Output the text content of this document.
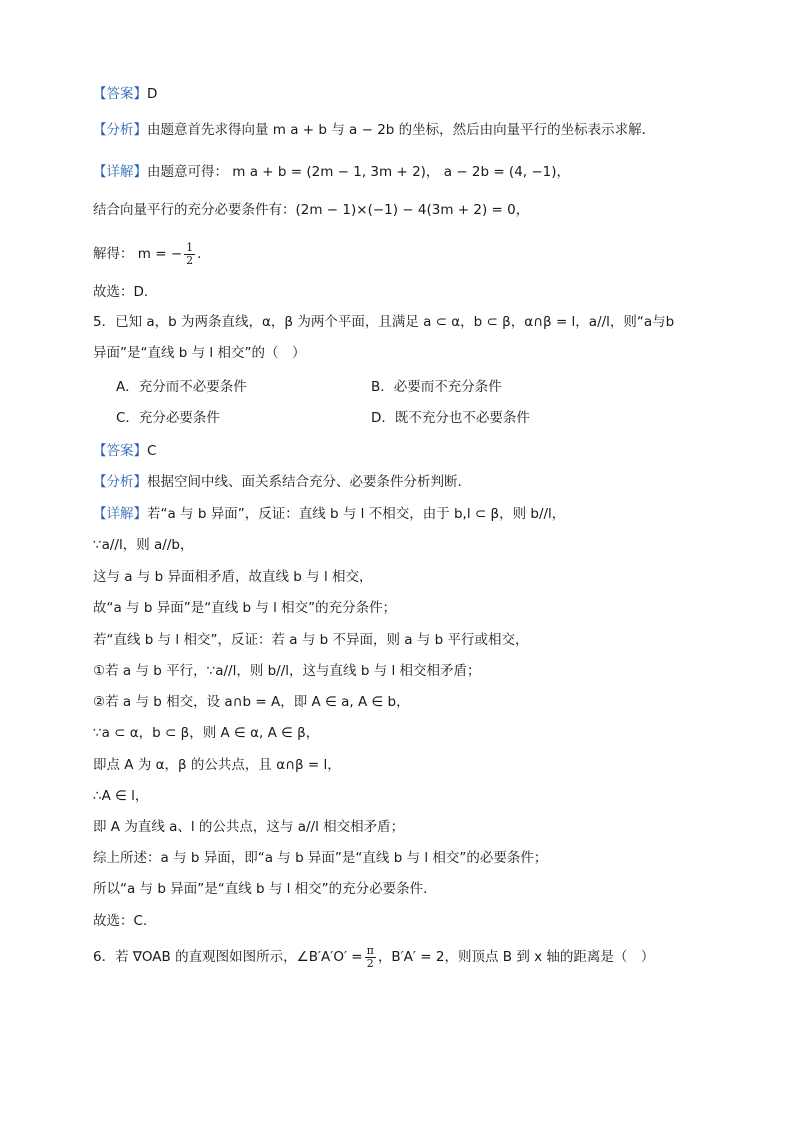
【答案】D
【分析】由题意首先求得向量 m a + b 与 a − 2b 的坐标，然后由向量平行的坐标表示求解．
【详解】由题意可得： m a + b = (2m − 1, 3m + 2)， a − 2b = (4, −1)，
结合向量平行的充分必要条件有：(2m − 1)×(−1) − 4(3m + 2) = 0，
解得： m = − $\frac{1}{2}$ .
故选：D.
5．已知 a，b 为两条直线，α，β 为两个平面，且满足 a ⊂ α，b ⊂ β，α∩β = l，a//l，则“a与b
异面”是“直线 b 与 l 相交”的（　）
A．充分而不必要条件	B．必要而不充分条件
C．充分必要条件	D．既不充分也不必要条件
【答案】C
【分析】根据空间中线、面关系结合充分、必要条件分析判断.
【详解】若“a 与 b 异面”，反证：直线 b 与 l 不相交，由于 b,l ⊂ β，则 b//l，
∵a//l，则 a//b，
这与 a 与 b 异面相矛盾，故直线 b 与 l 相交，
故“a 与 b 异面”是“直线 b 与 l 相交”的充分条件；
若“直线 b 与 l 相交”，反证：若 a 与 b 不异面，则 a 与 b 平行或相交，
①若 a 与 b 平行，∵a//l，则 b//l，这与直线 b 与 l 相交相矛盾；
②若 a 与 b 相交，设 a∩b = A，即 A ∈ a, A ∈ b，
∵a ⊂ α，b ⊂ β，则 A ∈ α, A ∈ β，
即点 A 为 α，β 的公共点，且 α∩β = l，
∴A ∈ l，
即 A 为直线 a、l 的公共点，这与 a//l 相交相矛盾；
综上所述：a 与 b 异面，即“a 与 b 异面”是“直线 b 与 l 相交”的必要条件；
所以“a 与 b 异面”是“直线 b 与 l 相交”的充分必要条件.
故选：C.
6．若 ∇OAB 的直观图如图所示，∠B′A′O′ = $\frac{\pi}{2}$ ，B′A′ = 2，则顶点 B 到 x 轴的距离是（　）
